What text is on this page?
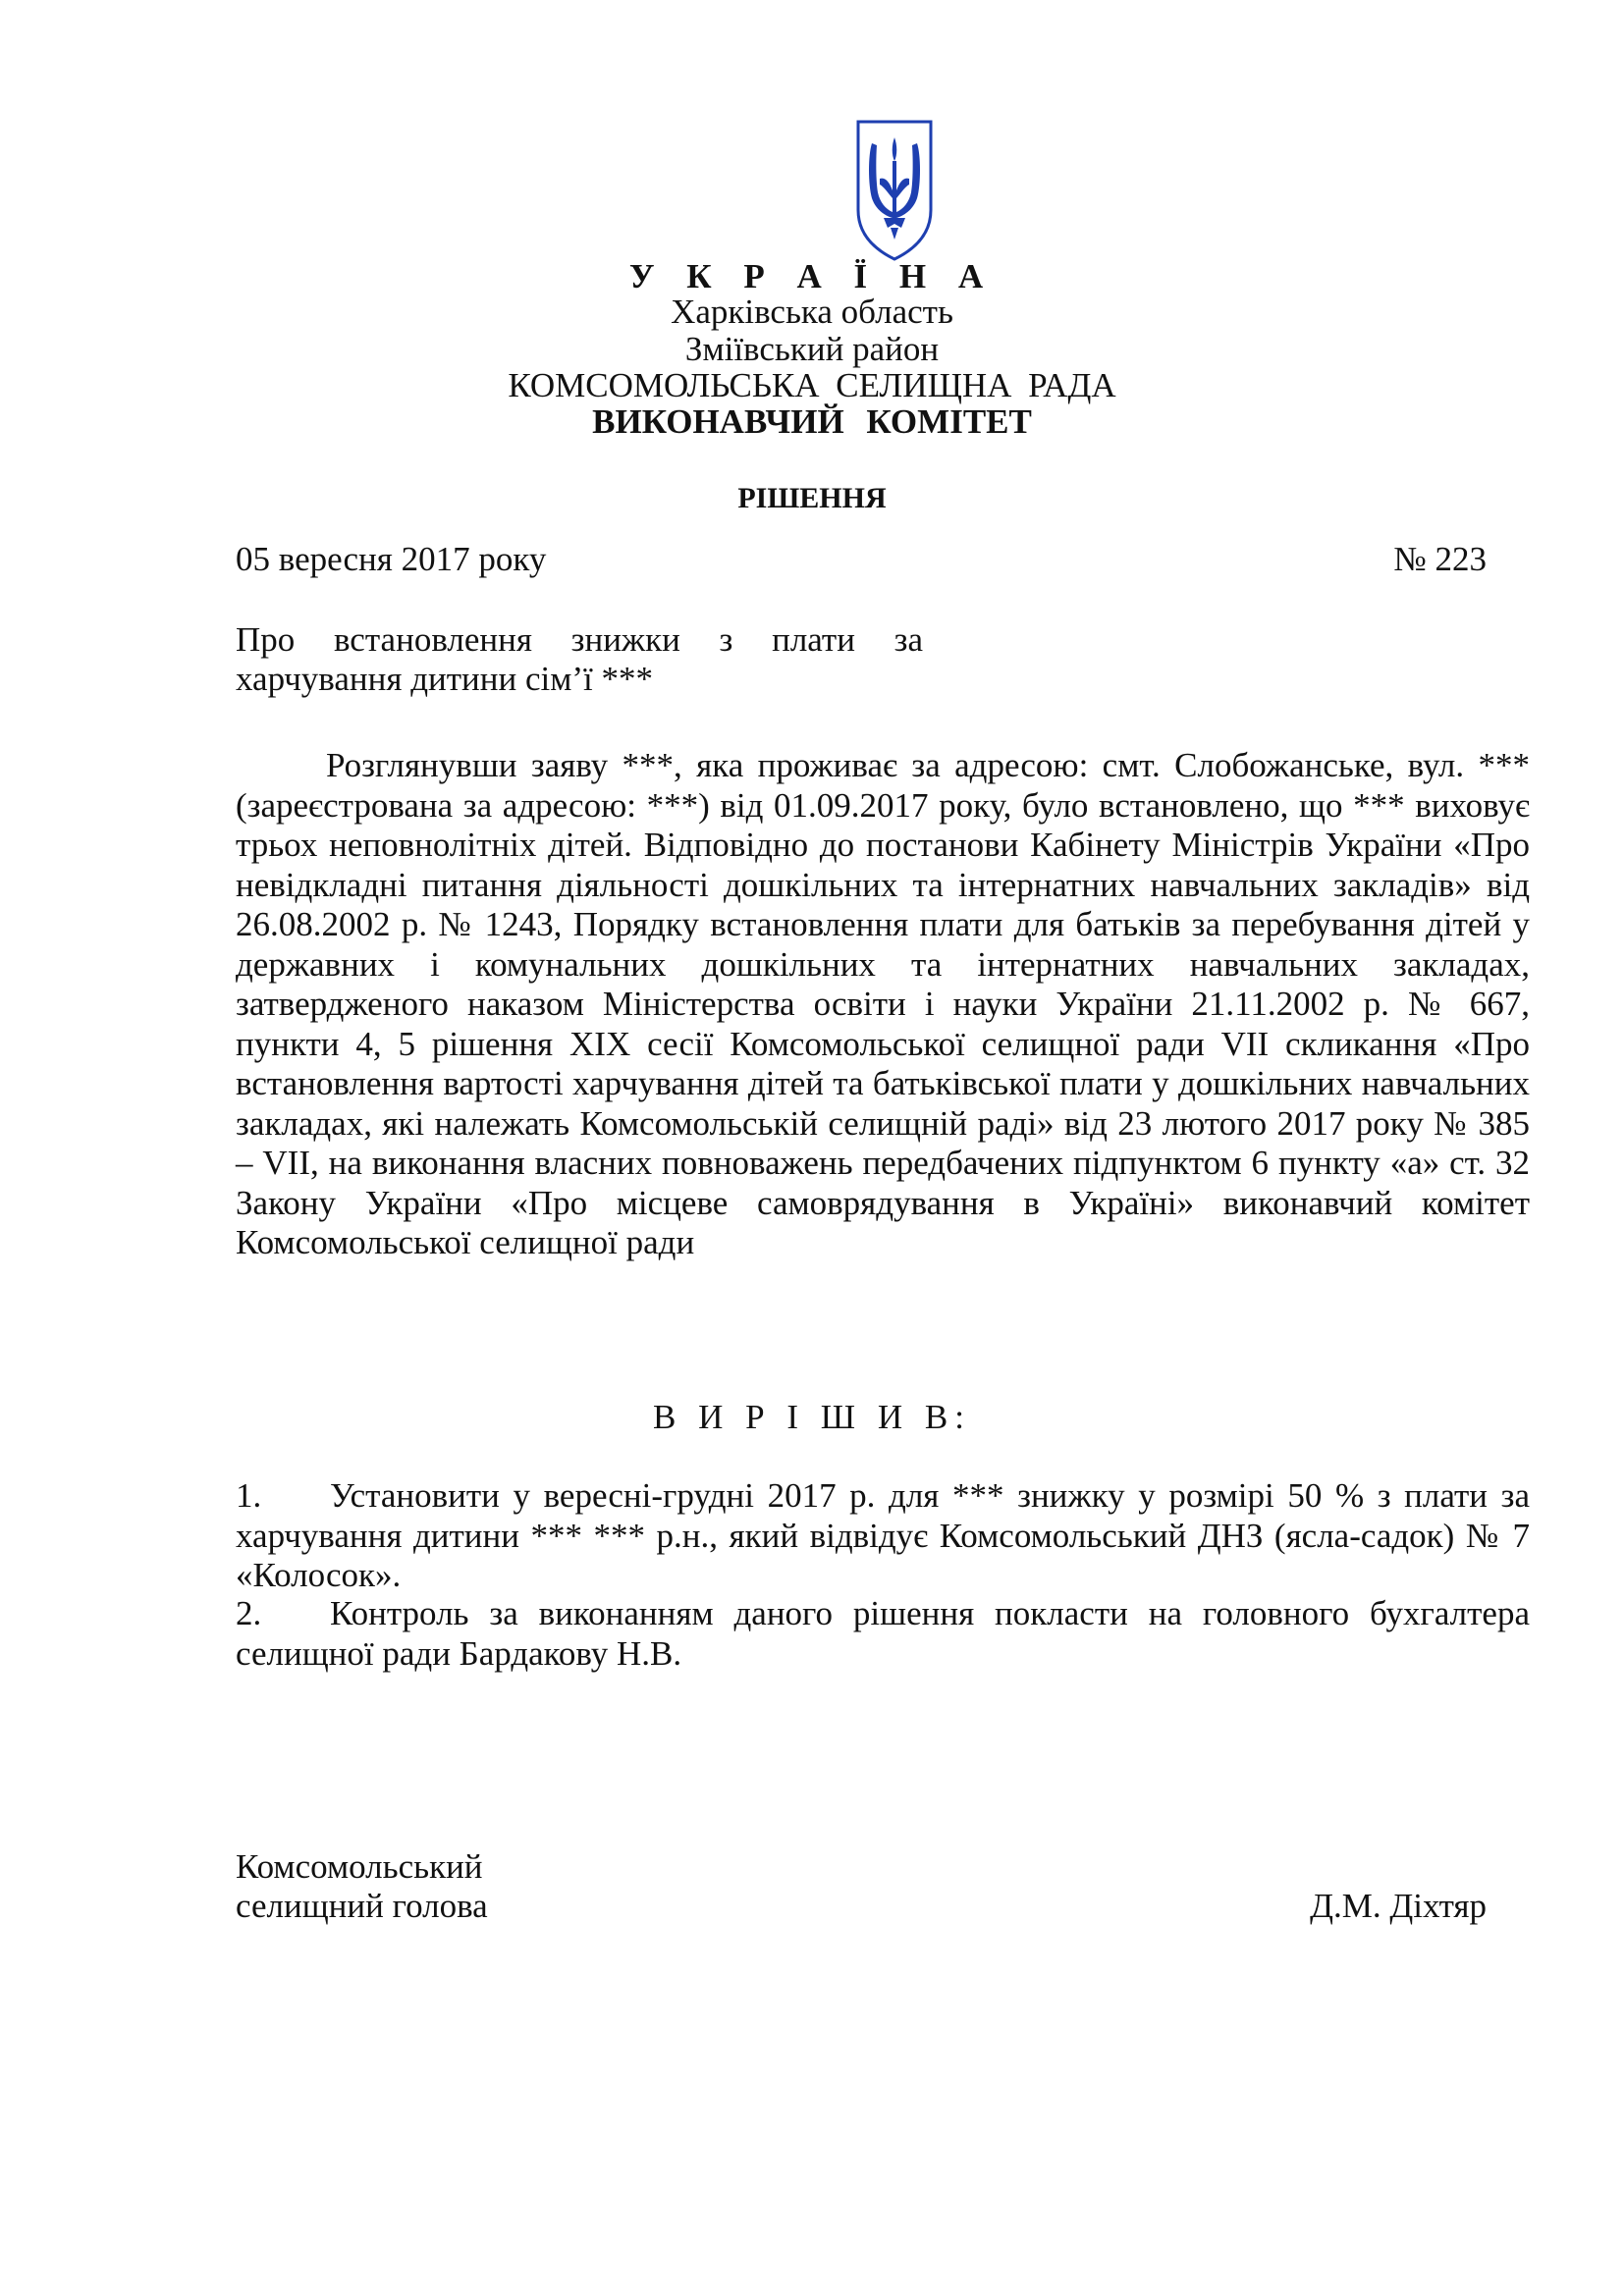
У К Р А Ї Н А
Харківська область
Зміївський район
КОМСОМОЛЬСЬКА СЕЛИЩНА РАДА
ВИКОНАВЧИЙ КОМІТЕТ
РІШЕННЯ
05 вересня 2017 року	№ 223
Про встановлення знижки з плати за харчування дитини сім’ї ***
Розглянувши заяву ***, яка проживає за адресою: смт. Слобожанське, вул. *** (зареєстрована за адресою: ***) від 01.09.2017 року, було встановлено, що *** виховує трьох неповнолітніх дітей. Відповідно до постанови Кабінету Міністрів України «Про невідкладні питання діяльності дошкільних та інтернатних навчальних закладів» від 26.08.2002 р. № 1243, Порядку встановлення плати для батьків за перебування дітей у державних і комунальних дошкільних та інтернатних навчальних закладах, затвердженого наказом Міністерства освіти і науки України 21.11.2002 р. № 667, пункти 4, 5 рішення XIX сесії Комсомольської селищної ради VII скликання «Про встановлення вартості харчування дітей та батьківської плати у дошкільних навчальних закладах, які належать Комсомольській селищній раді» від 23 лютого 2017 року № 385 – VII, на виконання власних повноважень передбачених підпунктом 6 пункту «а» ст. 32 Закону України «Про місцеве самоврядування в Україні» виконавчий комітет Комсомольської селищної ради
В И Р І Ш И В:
1. Установити у вересні-грудні 2017 р. для *** знижку у розмірі 50 % з плати за харчування дитини *** *** р.н., який відвідує Комсомольський ДНЗ (ясла-садок) № 7 «Колосок».
2. Контроль за виконанням даного рішення покласти на головного бухгалтера селищної ради Бардакову Н.В.
Комсомольський
селищний голова	Д.М. Діхтяр
